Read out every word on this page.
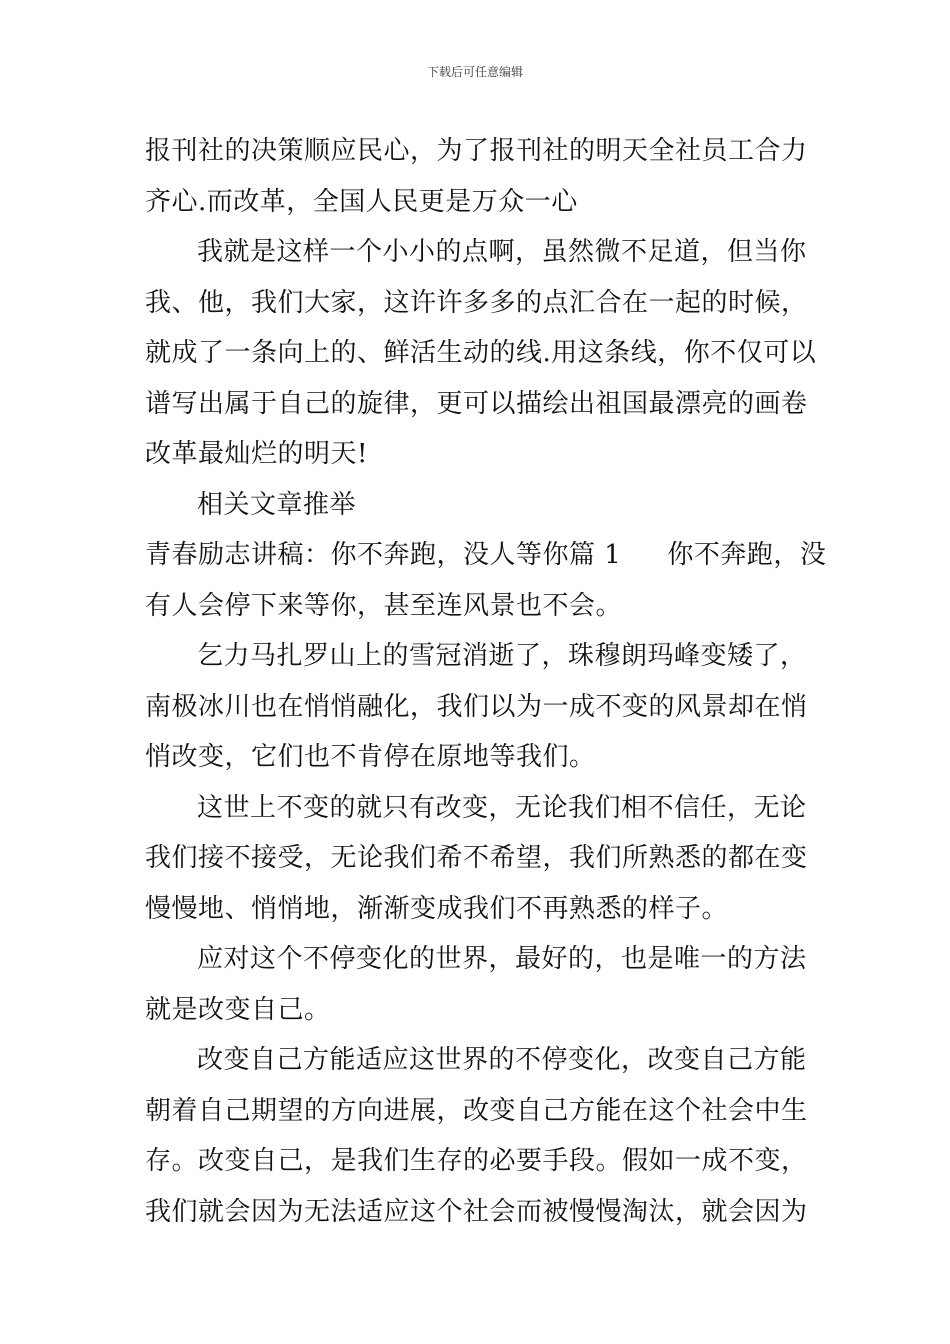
下载后可任意编辑
报刊社的决策顺应民心，为了报刊社的明天全社员工合力
齐心.而改革，全国人民更是万众一心
我就是这样一个小小的点啊，虽然微不足道，但当你
我、他，我们大家，这许许多多的点汇合在一起的时候，
就成了一条向上的、鲜活生动的线.用这条线，你不仅可以
谱写出属于自己的旋律，更可以描绘出祖国最漂亮的画卷
改革最灿烂的明天!
相关文章推举
青春励志讲稿：你不奔跑，没人等你篇 1 你不奔跑，没
有人会停下来等你，甚至连风景也不会。
乞力马扎罗山上的雪冠消逝了，珠穆朗玛峰变矮了，
南极冰川也在悄悄融化，我们以为一成不变的风景却在悄
悄改变，它们也不肯停在原地等我们。
这世上不变的就只有改变，无论我们相不信任，无论
我们接不接受，无论我们希不希望，我们所熟悉的都在变
慢慢地、悄悄地，渐渐变成我们不再熟悉的样子。
应对这个不停变化的世界，最好的，也是唯一的方法
就是改变自己。
改变自己方能适应这世界的不停变化，改变自己方能
朝着自己期望的方向进展，改变自己方能在这个社会中生
存。改变自己，是我们生存的必要手段。假如一成不变，
我们就会因为无法适应这个社会而被慢慢淘汰，就会因为
